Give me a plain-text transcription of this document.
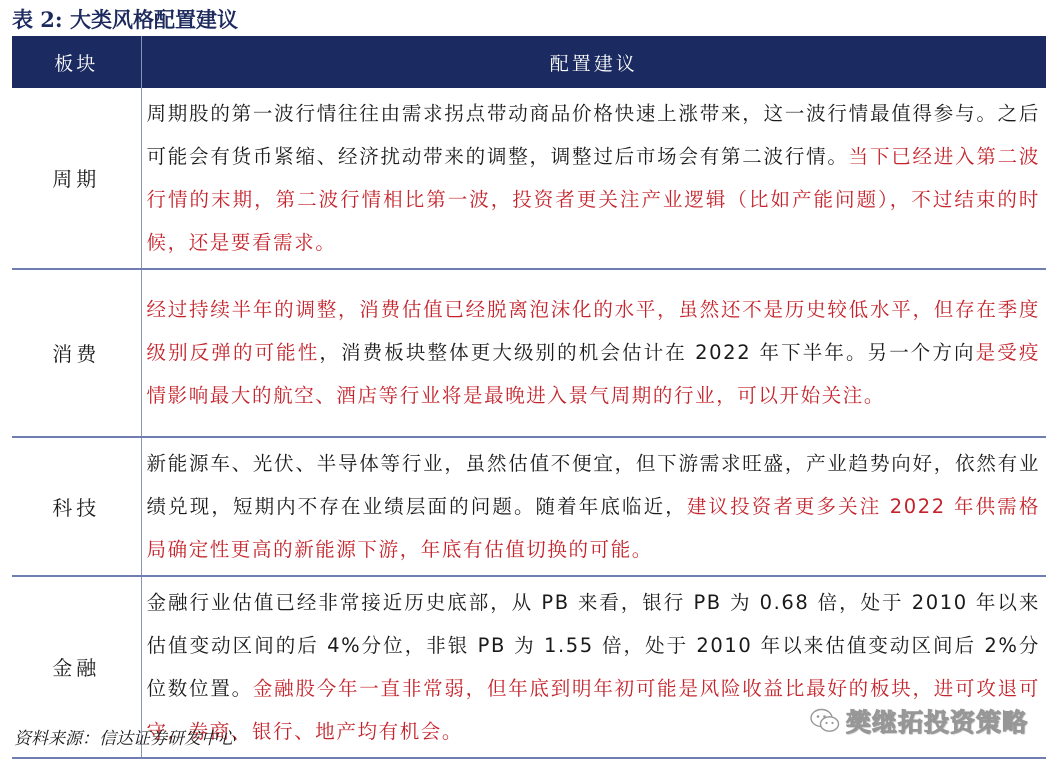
表 2: 大类风格配置建议
板块	配置建议
周期	周期股的第一波行情往往由需求拐点带动商品价格快速上涨带来，这一波行情最值得参与。之后可能会有货币紧缩、经济扰动带来的调整，调整过后市场会有第二波行情。当下已经进入第二波行情的末期，第二波行情相比第一波，投资者更关注产业逻辑（比如产能问题），不过结束的时候，还是要看需求。
消费	经过持续半年的调整，消费估值已经脱离泡沫化的水平，虽然还不是历史较低水平，但存在季度级别反弹的可能性，消费板块整体更大级别的机会估计在 2022 年下半年。另一个方向是受疫情影响最大的航空、酒店等行业将是最晚进入景气周期的行业，可以开始关注。
科技	新能源车、光伏、半导体等行业，虽然估值不便宜，但下游需求旺盛，产业趋势向好，依然有业绩兑现，短期内不存在业绩层面的问题。随着年底临近，建议投资者更多关注 2022 年供需格局确定性更高的新能源下游，年底有估值切换的可能。
金融	金融行业估值已经非常接近历史底部，从 PB 来看，银行 PB 为 0.68 倍，处于 2010 年以来估值变动区间的后 4%分位，非银 PB 为 1.55 倍，处于 2010 年以来估值变动区间后 2%分位数位置。金融股今年一直非常弱，但年底到明年初可能是风险收益比最好的板块，进可攻退可守，券商、银行、地产均有机会。
资料来源：信达证券研发中心
樊继拓投资策略
